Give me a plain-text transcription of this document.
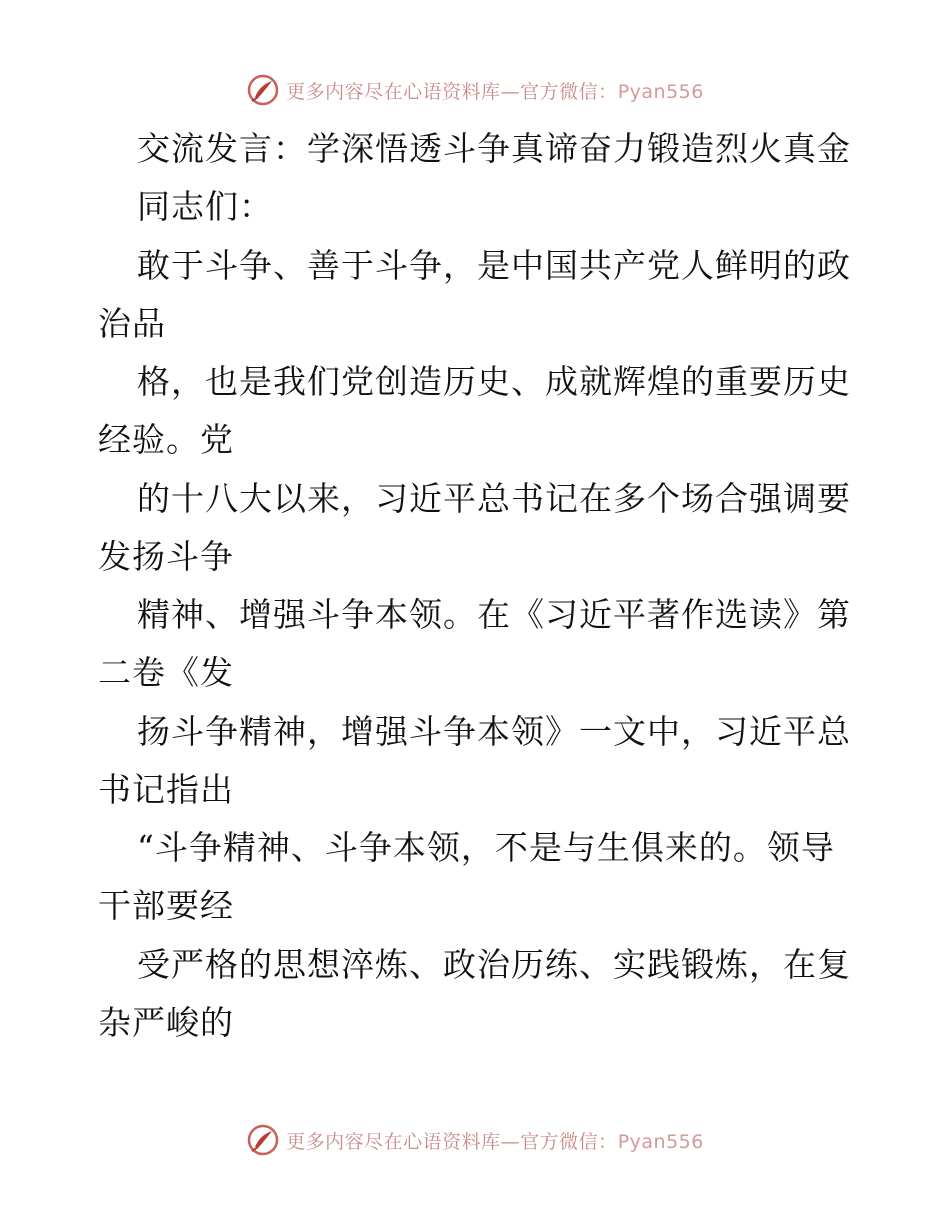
更多内容尽在心语资料库—官方微信：Pyan556
交流发言：学深悟透斗争真谛奋力锻造烈火真金
同志们：
敢于斗争、善于斗争，是中国共产党人鲜明的政
治品
格，也是我们党创造历史、成就辉煌的重要历史
经验。党
的十八大以来，习近平总书记在多个场合强调要
发扬斗争
精神、增强斗争本领。在《习近平著作选读》第
二卷《发
扬斗争精神，增强斗争本领》一文中，习近平总
书记指出
“斗争精神、斗争本领，不是与生俱来的。领导
干部要经
受严格的思想淬炼、政治历练、实践锻炼，在复
杂严峻的
更多内容尽在心语资料库—官方微信：Pyan556
